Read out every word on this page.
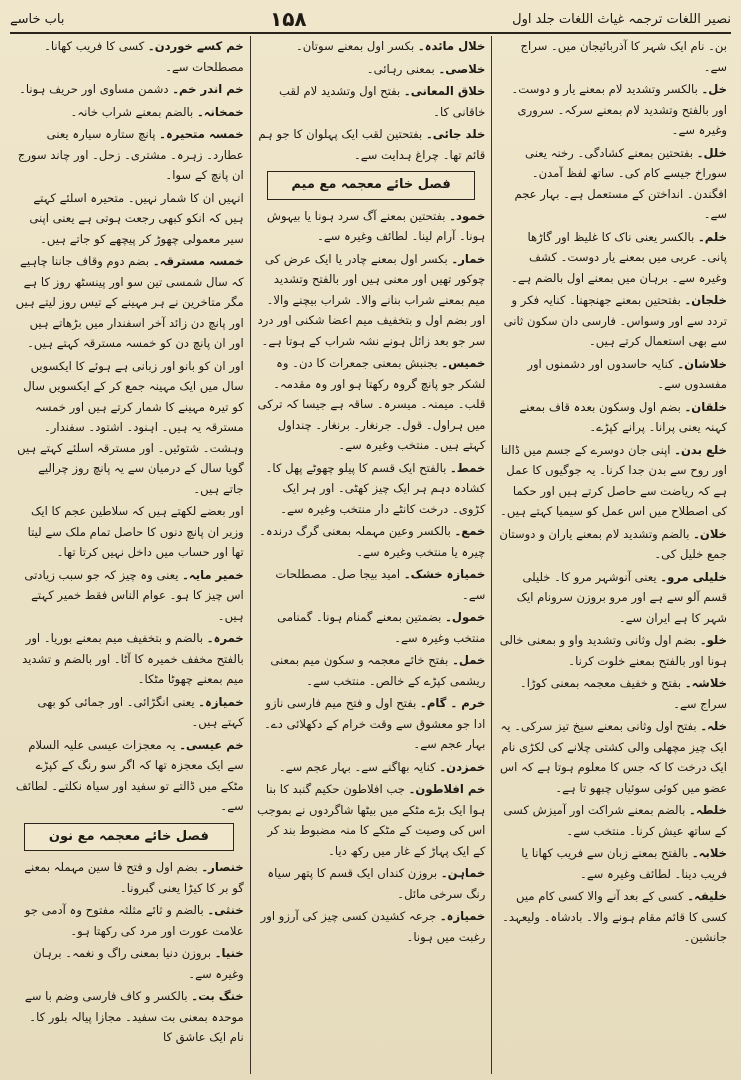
نصیر اللغات ترجمہ غیاث اللغات جلد اول
۱۵۸
باب خاسے
بن۔ نام ایک شہر کا آذربائیجان میں۔ سراج سے۔
خل۔ بالکسر وتشدید لام بمعنے یار و دوست۔ اور بالفتح وتشدید لام بمعنے سرکہ۔ سروری وغیرہ سے۔
خلل۔ بفتحتین بمعنے کشادگی۔ رخنہ یعنی سوراخ جیسے کام کی۔ ساتھ لفظ آمدن۔ افگندن۔ انداختن کے مستعمل ہے۔ بہار عجم سے۔
خلم۔ بالکسر یعنی ناک کا غلیظ اور گاڑھا پانی۔ عربی میں بمعنے یار دوست۔ کشف وغیرہ سے۔ برہان میں بمعنے اول بالضم ہے۔
خلجان۔ بفتحتین بمعنے جھنجھنا۔ کنایہ فکر و تردد سے اور وسواس۔ فارسی دان سکون ثانی سے بھی استعمال کرتے ہیں۔
خلاشان۔ کنایہ حاسدوں اور دشمنوں اور مفسدوں سے۔
خلقان۔ بضم اول وسکون بعدہ قاف بمعنے کہنہ یعنی پرانا۔ پرانے کپڑے۔
خلع بدن۔ اپنی جان دوسرے کے جسم میں ڈالنا اور روح سے بدن جدا کرنا۔ یہ جوگیوں کا عمل ہے کہ ریاضت سے حاصل کرتے ہیں اور حکما کی اصطلاح میں اس عمل کو سیمیا کہتے ہیں۔
خلان۔ بالضم وتشدید لام بمعنے یاران و دوستان جمع خلیل کی۔
خلیلی مرو۔ یعنی آنوشہر مرو کا۔ خلیلی قسم آلو سے ہے اور مرو بروزن سرونام ایک شہر کا ہے ایران سے۔
خلو۔ بضم اول وثانی وتشدید واو و بمعنی خالی ہونا اور بالفتح بمعنے خلوت کرنا۔
خلاشہ۔ بفتح و خفیف معجمہ بمعنی کوڑا۔ سراج سے۔
خلہ۔ بفتح اول وثانی بمعنے سیخ تیز سرکی۔ یہ ایک چیز مچھلی والی کشتی چلانے کی لکڑی نام ایک درخت کا کہ جس کا معلوم ہوتا ہے کہ اس عضو میں کوئی سوئیاں چبھو تا ہے۔
خلطہ۔ بالضم بمعنے شراکت اور آمیزش کسی کے ساتھ عیش کرنا۔ منتخب سے۔
خلابہ۔ بالفتح بمعنے زبان سے فریب کھانا یا فریب دینا۔ لطائف وغیرہ سے۔
خلیفہ۔ کسی کے بعد آنے والا کسی کام میں کسی کا قائم مقام ہونے والا۔ بادشاہ۔ ولیعہد۔ جانشین۔
خلال مائدہ۔ بکسر اول بمعنے سوتان۔
خلاصی۔ بمعنی رہائی۔
خلاق المعانی۔ بفتح اول وتشدید لام لقب خاقانی کا۔
خلد جائی۔ بفتحتین لقب ایک پہلوان کا جو ہم قائم تھا۔ چراغ ہدایت سے۔
فصل خائے معجمہ مع میم
خمود۔ بفتحتین بمعنے آگ سرد ہونا یا بیہوش ہونا۔ آرام لینا۔ لطائف وغیرہ سے۔
خمار۔ بکسر اول بمعنے چادر یا ایک عرض کی چوکور تھیں اور معنی ہیں اور بالفتح وتشدید میم بمعنے شراب بنانے والا۔ شراب بیچنے والا۔ اور بضم اول و بتخفیف میم اعضا شکنی اور درد سر جو بعد زائل ہونے نشہ شراب کے ہوتا ہے۔
خمیس۔ بجنبش بمعنی جمعرات کا دن۔ وہ لشکر جو پانچ گروہ رکھتا ہو اور وہ مقدمہ۔ قلب۔ میمنہ۔ میسرہ۔ ساقہ ہے جیسا کہ ترکی میں ہراول۔ قول۔ جرنغار۔ برنغار۔ چنداول کہتے ہیں۔ منتخب وغیرہ سے۔
خمط۔ بالفتح ایک قسم کا پیلو چھوٹے پھل کا۔ کشادہ دہم ہر ایک چیز کھٹی۔ اور ہر ایک کڑوی۔ درخت کانٹے دار منتخب وغیرہ سے۔
خمع۔ بالکسر وعین مہملہ بمعنی گرگ درندہ۔ چیرہ یا منتخب وغیرہ سے۔
خمیازہ خشک۔ امید بیجا صل۔ مصطلحات سے۔
خمول۔ بضمتین بمعنے گمنام ہونا۔ گمنامی منتخب وغیرہ سے۔
خمل۔ بفتح خائے معجمہ و سکون میم بمعنی ریشمی کپڑے کے خالص۔ منتخب سے۔
خرم ۔ گام۔ بفتح اول و فتح میم فارسی نازو ادا جو معشوق سے وقت خرام کے دکھلائی دے۔ بہار عجم سے۔
خمزدن۔ کنایہ بھاگنے سے۔ بہار عجم سے۔
خم افلاطون۔ جب افلاطون حکیم گنبد کا بنا ہوا ایک بڑے مٹکے میں بیٹھا شاگردوں نے بموجب اس کی وصیت کے مٹکے کا منہ مضبوط بند کر کے ایک پہاڑ کے غار میں رکھ دیا۔
خماہن۔ بروزن کنداں ایک قسم کا پتھر سیاہ رنگ سرخی مائل۔
خمیازہ۔ جرعہ کشیدن کسی چیز کی آرزو اور رغبت میں ہونا۔
خم کسے خوردن۔ کسی کا فریب کھانا۔ مصطلحات سے۔
خم اندر خم۔ دشمن مساوی اور حریف ہونا۔
خمخانہ۔ بالضم بمعنے شراب خانہ۔
خمسہ متحیرہ۔ پانچ ستارہ سیارہ یعنی عطارد۔ زہرہ۔ مشتری۔ زحل۔ اور چاند سورج ان پانچ کے سوا۔
انہیں ان کا شمار نہیں۔ متحیرہ اسلئے کہتے ہیں کہ انکو کبھی رجعت ہوتی ہے یعنی اپنی سیر معمولی چھوڑ کر پیچھے کو جاتے ہیں۔
خمسہ مسترقہ۔ بضم دوم وقاف جاننا چاہیے کہ سال شمسی تین سو اور پینسٹھ روز کا ہے مگر متاخرین نے ہر مہینے کے تیس روز لیتے ہیں اور پانچ دن زائد آخر اسفندار میں بڑھاتے ہیں اور ان پانچ دن کو خمسہ مسترقہ کہتے ہیں۔
اور ان کو بانو اور زبانی ہے ہوئے کا ایکسویں سال میں ایک مہینہ جمع کر کے ایکسویں سال کو تیرہ مہینے کا شمار کرتے ہیں اور خمسہ مسترقہ یہ ہیں۔ اہنود۔ اشتود۔ سفندار۔ وہشت۔ شتوئیں۔ اور مسترقہ اسلئے کہتے ہیں گویا سال کے درمیان سے یہ پانچ روز چرالیے جاتے ہیں۔
اور بعضے لکھتے ہیں کہ سلاطین عجم کا ایک وزیر ان پانچ دنوں کا حاصل تمام ملک سے لیتا تھا اور حساب میں داخل نہیں کرتا تھا۔
خمیر مایہ۔ یعنی وہ چیز کہ جو سبب زیادتی اس چیز کا ہو۔ عوام الناس فقط خمیر کہتے ہیں۔
خمرہ۔ بالضم و بتخفیف میم بمعنے بوریا۔ اور بالفتح مخفف خمیرہ کا آٹا۔ اور بالضم و تشدید میم بمعنے چھوٹا مٹکا۔
خمیازہ۔ یعنی انگڑائی۔ اور جمائی کو بھی کہتے ہیں۔
خم عیسی۔ یہ معجزات عیسی علیہ السلام سے ایک معجزہ تھا کہ اگر سو رنگ کے کپڑے مٹکے میں ڈالتے تو سفید اور سیاہ نکلتے۔ لطائف سے۔
فصل خائے معجمہ مع نون
خنصار۔ بضم اول و فتح فا سین مہملہ بمعنے گو بر کا کیڑا یعنی گبرونا۔
خنثی۔ بالضم و ثائے مثلثہ مفتوح وہ آدمی جو علامت عورت اور مرد کی رکھتا ہو۔
خنیا۔ بروزن دنیا بمعنی راگ و نغمہ۔ برہان وغیرہ سے۔
خنگ بت۔ بالکسر و کاف فارسی وضم با سے موحدہ بمعنی بت سفید۔ مجازا پیالہ بلور کا۔ نام ایک عاشق کا
